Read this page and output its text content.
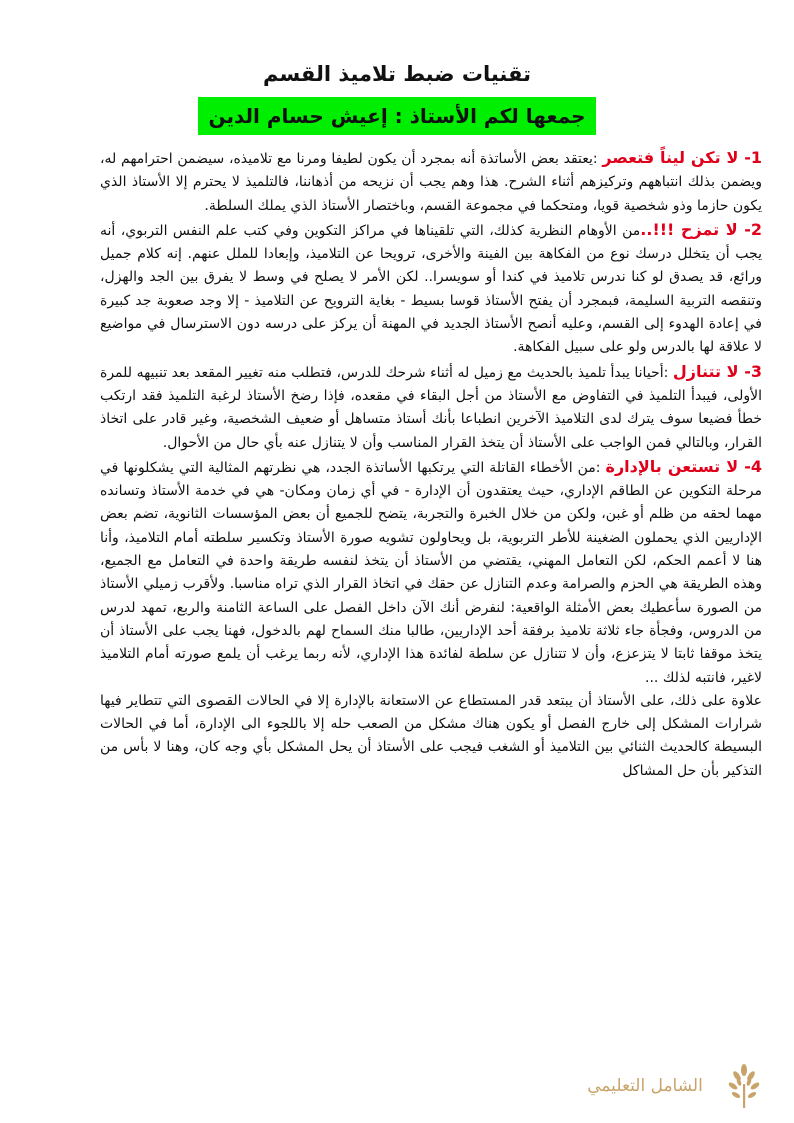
تقنيات ضبط تلاميذ القسم
جمعها لكم الأستاذ : إعيش حسام الدين

1- لا تكن ليناً فتعصر :يعتقد بعض الأساتذة أنه بمجرد أن يكون لطيفا ومرنا مع تلاميذه، سيضمن احترامهم له، ويضمن بذلك انتباههم وتركيزهم أثناء الشرح. هذا وهم يجب أن نزيحه من أذهاننا، فالتلميذ لا يحترم إلا الأستاذ الذي يكون حازما وذو شخصية قويا، ومتحكما في مجموعة القسم، وباختصار الأستاذ الذي يملك السلطة.

2- لا تمزح !!!..من الأوهام النظرية كذلك، التي تلقيناها في مراكز التكوين وفي كتب علم النفس التربوي، أنه يجب أن يتخلل درسك نوع من الفكاهة بين الفينة والأخرى، ترويحا عن التلاميذ، وإبعادا للملل عنهم. إنه كلام جميل ورائع، قد يصدق لو كنا ندرس تلاميذ في كندا أو سويسرا.. لكن الأمر لا يصلح في وسط لا يفرق بين الجد والهزل، وتنقصه التربية السليمة، فبمجرد أن يفتح الأستاذ قوسا بسيط - بغاية الترويح عن التلاميذ - إلا وجد صعوبة جد كبيرة في إعادة الهدوء إلى القسم، وعليه أنصح الأستاذ الجديد في المهنة أن يركز على درسه دون الاسترسال في مواضيع لا علاقة لها بالدرس ولو على سبيل الفكاهة.

3- لا تتنازل :أحيانا يبدأ تلميذ بالحديث مع زميل له أثناء شرحك للدرس، فتطلب منه تغيير المقعد بعد تنبيهه للمرة الأولى، فيبدأ التلميذ في التفاوض مع الأستاذ من أجل البقاء في مقعده، فإذا رضخ الأستاذ لرغبة التلميذ فقد ارتكب خطأ فضيعا سوف يترك لدى التلاميذ الآخرين انطباعا بأنك أستاذ متساهل أو ضعيف الشخصية، وغير قادر على اتخاذ القرار، وبالتالي فمن الواجب على الأستاذ أن يتخذ القرار المناسب وأن لا يتنازل عنه بأي حال من الأحوال.

4- لا تستعن بالإدارة :من الأخطاء القاتلة التي يرتكبها الأساتذة الجدد، هي نظرتهم المثالية التي يشكلونها في مرحلة التكوين عن الطاقم الإداري، حيث يعتقدون أن الإدارة - في أي زمان ومكان- هي في خدمة الأستاذ وتسانده مهما لحقه من ظلم أو غبن، ولكن من خلال الخبرة والتجربة، يتضح للجميع أن بعض المؤسسات الثانوية، تضم بعض الإداريين الذي يحملون الضغينة للأطر التربوية، بل ويحاولون تشويه صورة الأستاذ وتكسير سلطته أمام التلاميذ، وأنا هنا لا أعمم الحكم، لكن التعامل المهني، يقتضي من الأستاذ أن يتخذ لنفسه طريقة واحدة في التعامل مع الجميع، وهذه الطريقة هي الحزم والصرامة وعدم التنازل عن حقك في اتخاذ القرار الذي تراه مناسبا. ولأقرب زميلي الأستاذ من الصورة سأعطيك بعض الأمثلة الواقعية: لنفرض أنك الآن داخل الفصل على الساعة الثامنة والربع، تمهد لدرس من الدروس، وفجأة جاء ثلاثة تلاميذ برفقة أحد الإداريين، طالبا منك السماح لهم بالدخول، فهنا يجب على الأستاذ أن يتخذ موقفا ثابتا لا يتزعزع، وأن لا تتنازل عن سلطة لفائدة هذا الإداري، لأنه ربما يرغب أن يلمع صورته أمام التلاميذ لاغير، فانتبه لذلك ...

علاوة على ذلك، على الأستاذ أن يبتعد قدر المستطاع عن الاستعانة بالإدارة إلا في الحالات القصوى التي تتطاير فيها شرارات المشكل إلى خارج الفصل أو يكون هناك مشكل من الصعب حله إلا باللجوء الى الإدارة، أما في الحالات البسيطة كالحديث الثنائي بين التلاميذ أو الشغب فيجب على الأستاذ أن يحل المشكل بأي وجه كان، وهنا لا بأس من التذكير بأن حل المشاكل

الشامل التعليمي
